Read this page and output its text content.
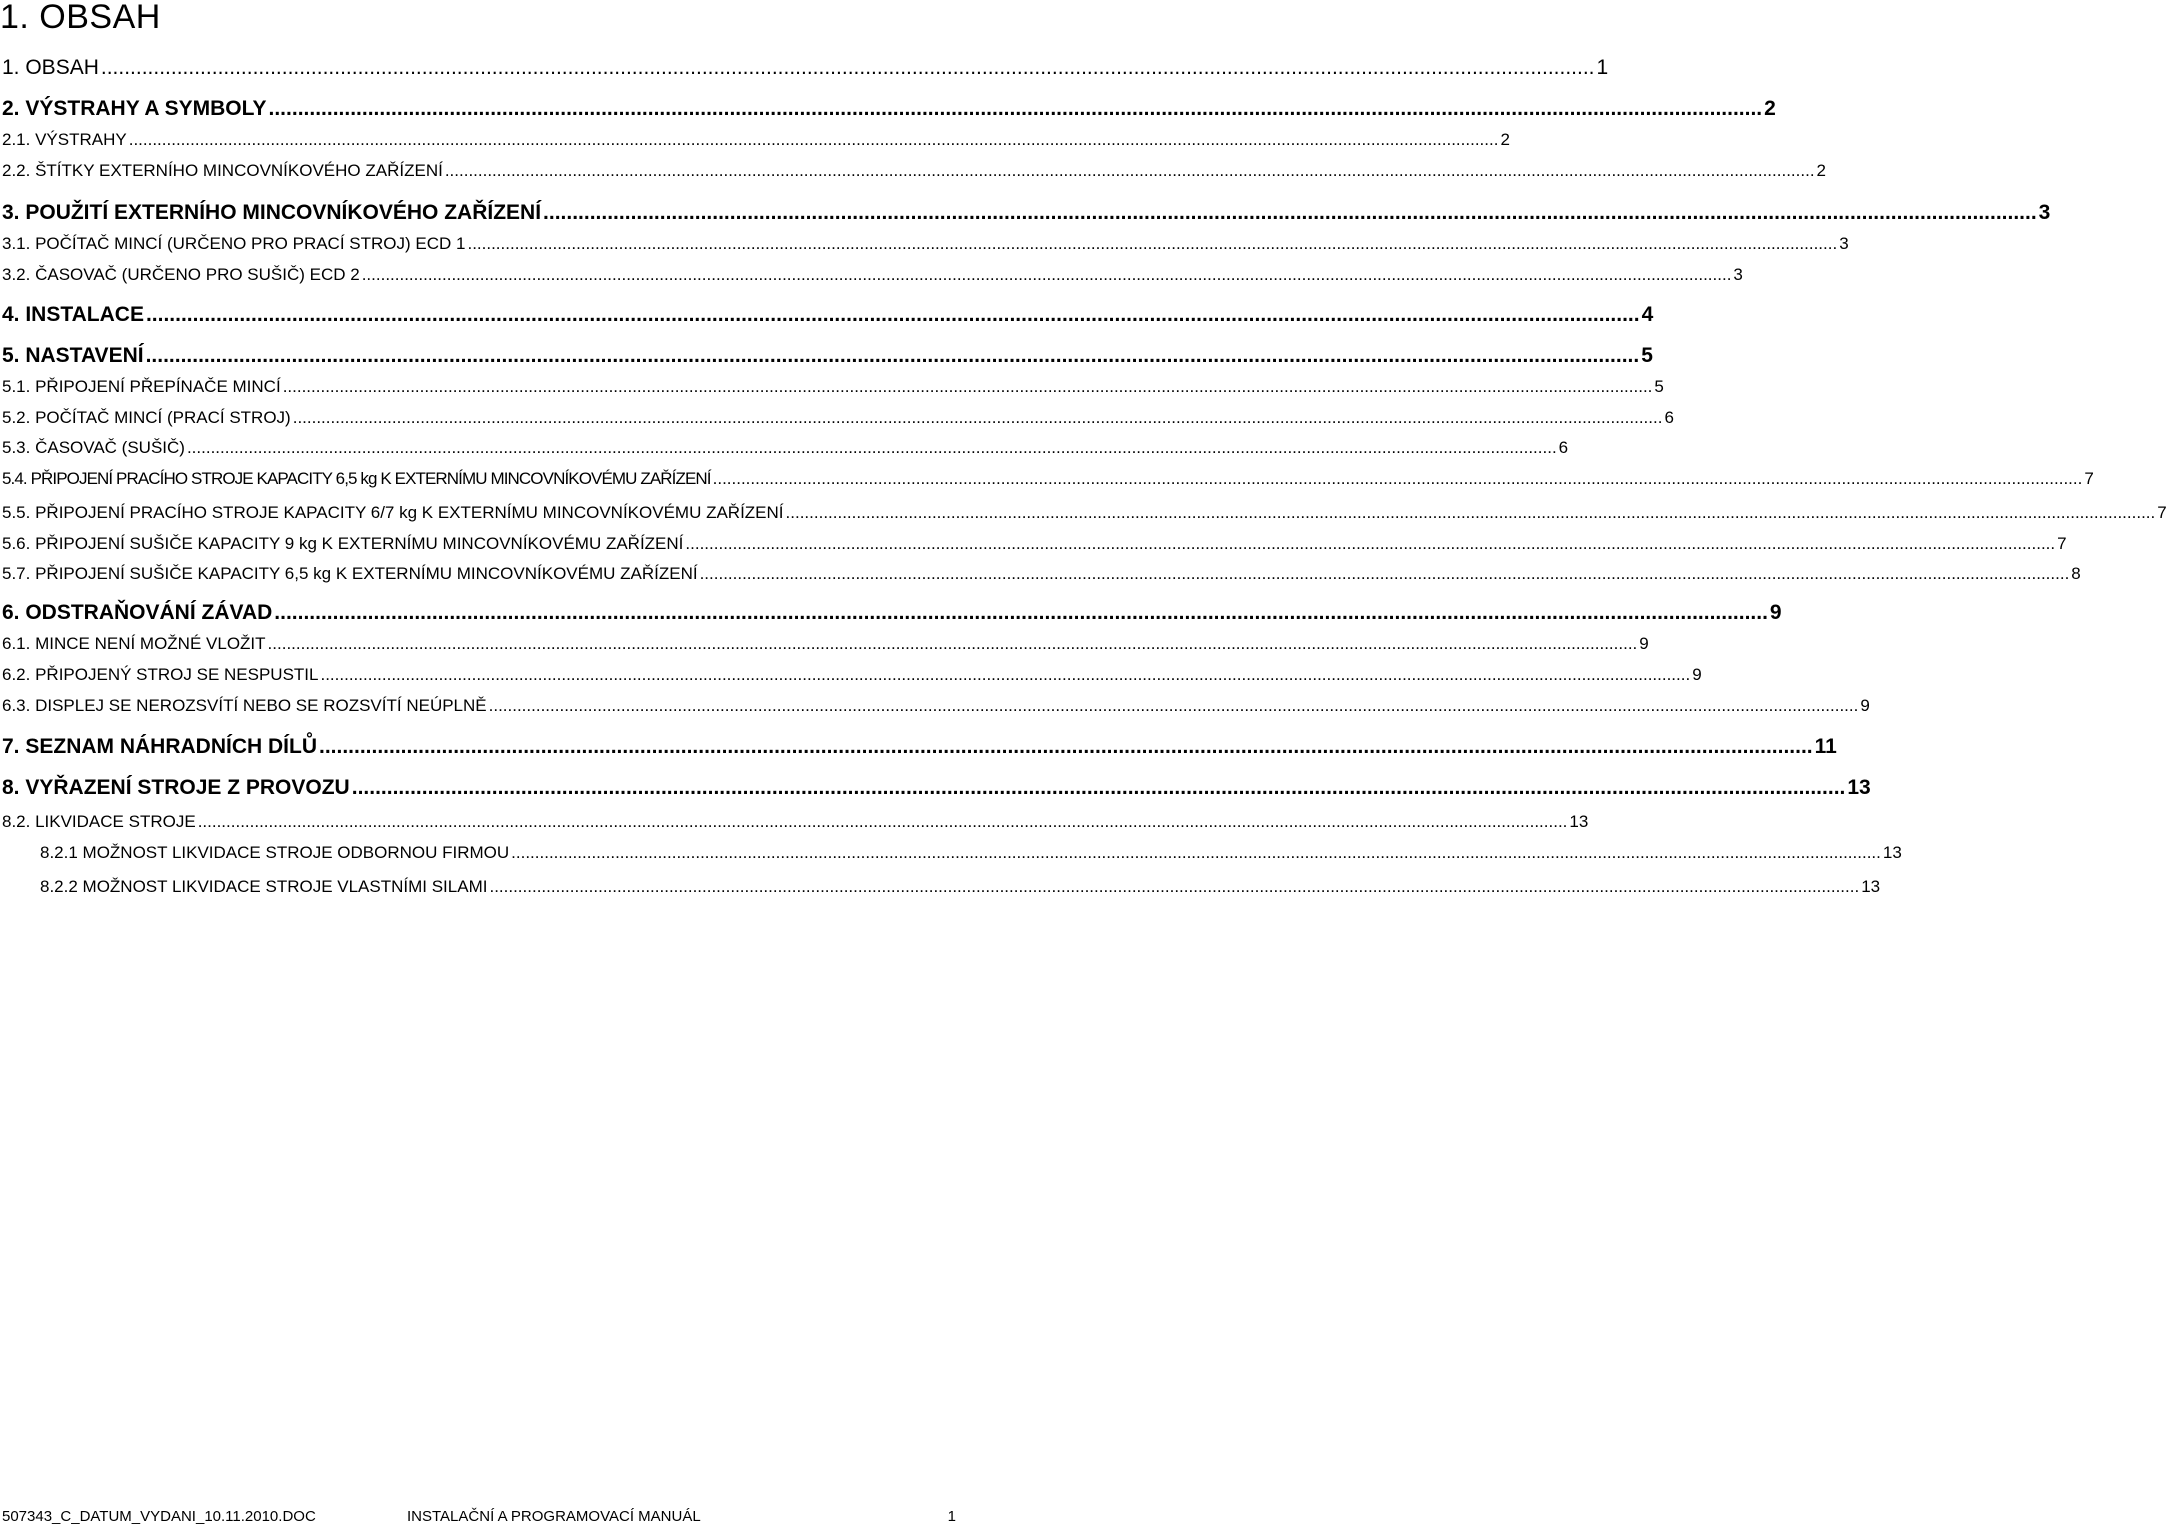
1. OBSAH
1. OBSAH ................................................................................................................................................................................................................................................................ 1
2. VÝSTRAHY A SYMBOLY ................................................................................................................................................................................................................................................................ 2
2.1. VÝSTRAHY .................................................................................................................................................................................................................................................................................................. 2
2.2. ŠTÍTKY EXTERNÍHO MINCOVNÍKOVÉHO ZAŘÍZENÍ .................................................................................................................................................................................................................................................................................................. 2
3. POUŽITÍ EXTERNÍHO MINCOVNÍKOVÉHO ZAŘÍZENÍ ................................................................................................................................................................................................................................................................ 3
3.1. POČÍTAČ MINCÍ (URČENO PRO PRACÍ STROJ) ECD 1 .................................................................................................................................................................................................................................................................................................. 3
3.2. ČASOVAČ (URČENO PRO SUŠIČ) ECD 2 .................................................................................................................................................................................................................................................................................................. 3
4. INSTALACE ................................................................................................................................................................................................................................................................ 4
5. NASTAVENÍ ................................................................................................................................................................................................................................................................ 5
5.1. PŘIPOJENÍ PŘEPÍNAČE MINCÍ .................................................................................................................................................................................................................................................................................................. 5
5.2. POČÍTAČ MINCÍ (PRACÍ STROJ) .................................................................................................................................................................................................................................................................................................. 6
5.3. ČASOVAČ (SUŠIČ) .................................................................................................................................................................................................................................................................................................. 6
5.4. PŘIPOJENÍ PRACÍHO STROJE KAPACITY 6,5 kg K EXTERNÍMU MINCOVNÍKOVÉMU ZAŘÍZENÍ .................................................................................................................................................................................................................................................................................................. 7
5.5. PŘIPOJENÍ PRACÍHO STROJE KAPACITY 6/7 kg K EXTERNÍMU MINCOVNÍKOVÉMU ZAŘÍZENÍ .................................................................................................................................................................................................................................................................................................. 7
5.6. PŘIPOJENÍ SUŠIČE KAPACITY 9 kg K EXTERNÍMU MINCOVNÍKOVÉMU ZAŘÍZENÍ .................................................................................................................................................................................................................................................................................................. 7
5.7. PŘIPOJENÍ SUŠIČE KAPACITY 6,5 kg K EXTERNÍMU MINCOVNÍKOVÉMU ZAŘÍZENÍ .................................................................................................................................................................................................................................................................................................. 8
6. ODSTRAŇOVÁNÍ ZÁVAD ................................................................................................................................................................................................................................................................ 9
6.1. MINCE NENÍ MOŽNÉ VLOŽIT .................................................................................................................................................................................................................................................................................................. 9
6.2. PŘIPOJENÝ STROJ SE NESPUSTIL .................................................................................................................................................................................................................................................................................................. 9
6.3. DISPLEJ SE NEROZSVÍTÍ NEBO SE ROZSVÍTÍ NEÚPLNĚ .................................................................................................................................................................................................................................................................................................. 9
7. SEZNAM NÁHRADNÍCH DÍLŮ ................................................................................................................................................................................................................................................................ 11
8. VYŘAZENÍ STROJE Z PROVOZU ................................................................................................................................................................................................................................................................ 13
8.2. LIKVIDACE STROJE .................................................................................................................................................................................................................................................................................................. 13
8.2.1 MOŽNOST LIKVIDACE STROJE ODBORNOU FIRMOU .................................................................................................................................................................................................................................................................................................. 13
8.2.2 MOŽNOST LIKVIDACE STROJE VLASTNÍMI SILAMI .................................................................................................................................................................................................................................................................................................. 13
507343_C_DATUM_VYDANI_10.11.2010.DOC	INSTALAČNÍ A PROGRAMOVACÍ MANUÁL	1
